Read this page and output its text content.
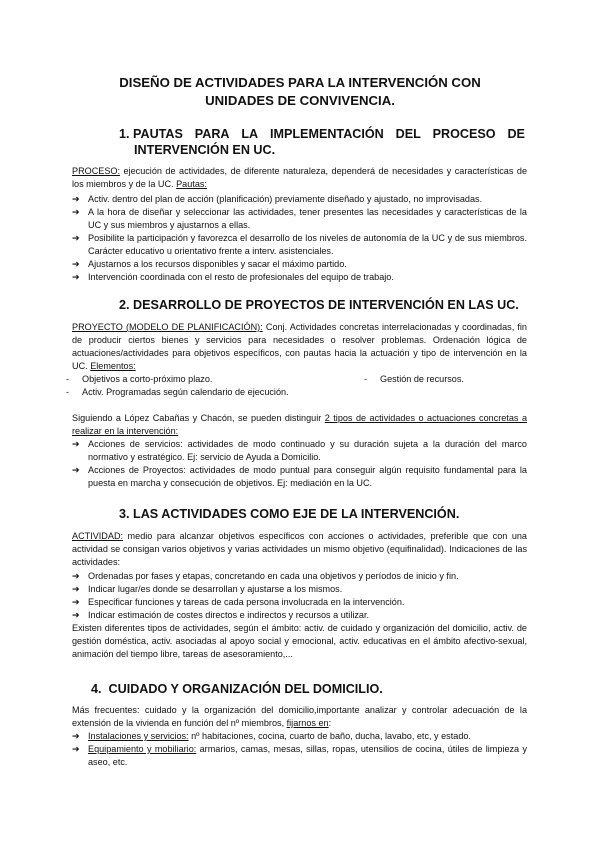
DISEÑO DE ACTIVIDADES PARA LA INTERVENCIÓN CON
UNIDADES DE CONVIVENCIA.
1. PAUTAS PARA LA IMPLEMENTACIÓN DEL PROCESO DE
INTERVENCIÓN EN UC.
PROCESO: ejecución de actividades, de diferente naturaleza, dependerá de necesidades y características de los miembros y de la UC. Pautas:
➔ Activ. dentro del plan de acción (planificación) previamente diseñado y ajustado, no improvisadas.
➔ A la hora de diseñar y seleccionar las actividades, tener presentes las necesidades y características de la UC y sus miembros y ajustarnos a ellas.
➔ Posibilite la participación y favorezca el desarrollo de los niveles de autonomía de la UC y de sus miembros. Carácter educativo u orientativo frente a interv. asistenciales.
➔ Ajustarnos a los recursos disponibles y sacar el máximo partido.
➔ Intervención coordinada con el resto de profesionales del equipo de trabajo.
2. DESARROLLO DE PROYECTOS DE INTERVENCIÓN EN LAS UC.
PROYECTO (MODELO DE PLANIFICACIÓN): Conj. Actividades concretas interrelacionadas y coordinadas, fin de producir ciertos bienes y servicios para necesidades o resolver problemas. Ordenación lógica de actuaciones/actividades para objetivos específicos, con pautas hacia la actuación y tipo de intervención en la UC. Elementos:
- Objetivos a corto-próximo plazo.	- Gestión de recursos.
- Activ. Programadas según calendario de ejecución.
Siguiendo a López Cabañas y Chacón, se pueden distinguir 2 tipos de actividades o actuaciones concretas a realizar en la intervención:
➔ Acciones de servicios: actividades de modo continuado y su duración sujeta a la duración del marco normativo y estratégico. Ej: servicio de Ayuda a Domicilio.
➔ Acciones de Proyectos: actividades de modo puntual para conseguir algún requisito fundamental para la puesta en marcha y consecución de objetivos. Ej: mediación en la UC.
3. LAS ACTIVIDADES COMO EJE DE LA INTERVENCIÓN.
ACTIVIDAD: medio para alcanzar objetivos específicos con acciones o actividades, preferible que con una actividad se consigan varios objetivos y varias actividades un mismo objetivo (equifinalidad). Indicaciones de las actividades:
➔ Ordenadas por fases y etapas, concretando en cada una objetivos y períodos de inicio y fin.
➔ Indicar lugar/es donde se desarrollan y ajustarse a los mismos.
➔ Especificar funciones y tareas de cada persona involucrada en la intervención.
➔ Indicar estimación de costes directos e indirectos y recursos a utilizar.
Existen diferentes tipos de actividades, según el ámbito: activ. de cuidado y organización del domicilio, activ. de gestión doméstica, activ. asociadas al apoyo social y emocional, activ. educativas en el ámbito afectivo-sexual, animación del tiempo libre, tareas de asesoramiento,...
4. CUIDADO Y ORGANIZACIÓN DEL DOMICILIO.
Más frecuentes: cuidado y la organización del domicilio,importante analizar y controlar adecuación de la extensión de la vivienda en función del nº miembros, fijarnos en:
➔ Instalaciones y servicios: nº habitaciones, cocina, cuarto de baño, ducha, lavabo, etc, y estado.
➔ Equipamiento y mobiliario: armarios, camas, mesas, sillas, ropas, utensilios de cocina, útiles de limpieza y aseo, etc.
